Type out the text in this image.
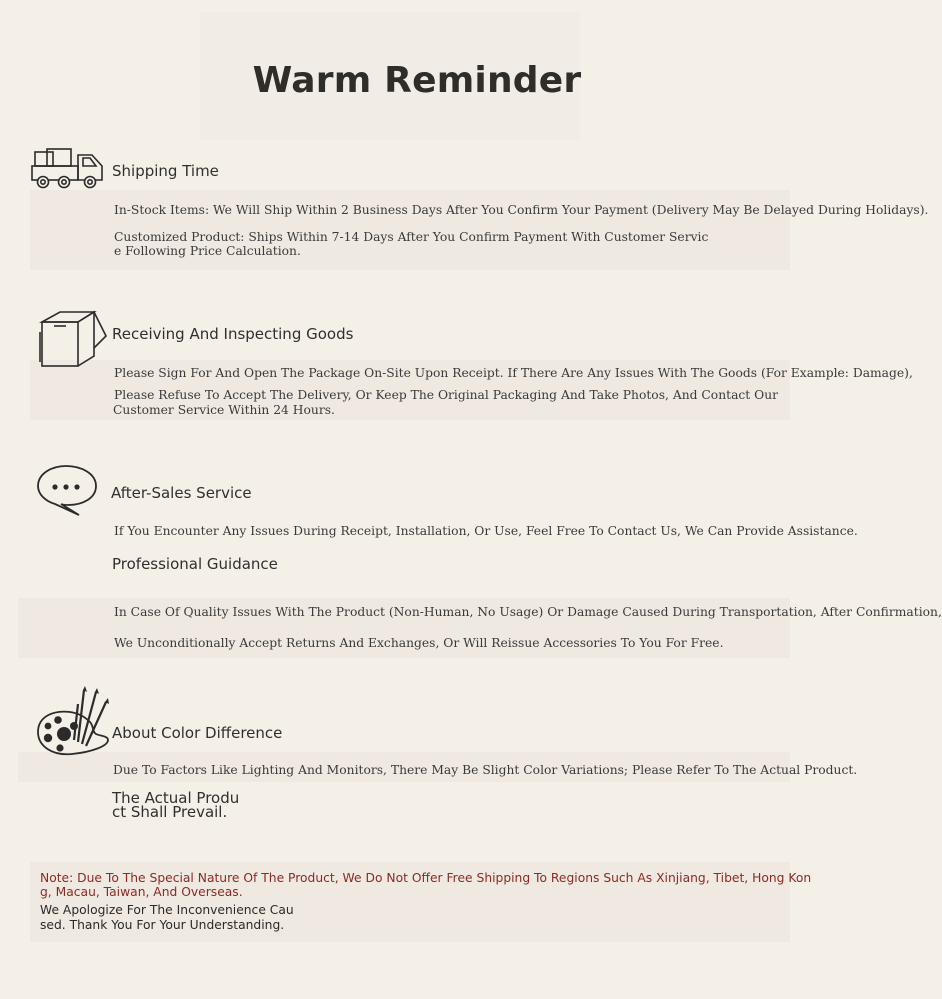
Warm Reminder
Shipping Time
In-Stock Items: We Will Ship Within 2 Business Days After You Confirm Your Payment (Delivery May Be Delayed During Holidays).
Customized Product: Ships Within 7-14 Days After You Confirm Payment With Customer Servic
e Following Price Calculation.
Receiving And Inspecting Goods
Please Sign For And Open The Package On-Site Upon Receipt. If There Are Any Issues With The Goods (For Example: Damage),
Please Refuse To Accept The Delivery, Or Keep The Original Packaging And Take Photos, And Contact Our
Customer Service Within 24 Hours.
After-Sales Service
If You Encounter Any Issues During Receipt, Installation, Or Use, Feel Free To Contact Us, We Can Provide Assistance.
Professional Guidance
In Case Of Quality Issues With The Product (Non-Human, No Usage) Or Damage Caused During Transportation, After Confirmation,
We Unconditionally Accept Returns And Exchanges, Or Will Reissue Accessories To You For Free.
About Color Difference
Due To Factors Like Lighting And Monitors, There May Be Slight Color Variations; Please Refer To The Actual Product.
The Actual Produ
ct Shall Prevail.
Note: Due To The Special Nature Of The Product, We Do Not Offer Free Shipping To Regions Such As Xinjiang, Tibet, Hong Kon
g, Macau, Taiwan, And Overseas.
We Apologize For The Inconvenience Cau
sed. Thank You For Your Understanding.
